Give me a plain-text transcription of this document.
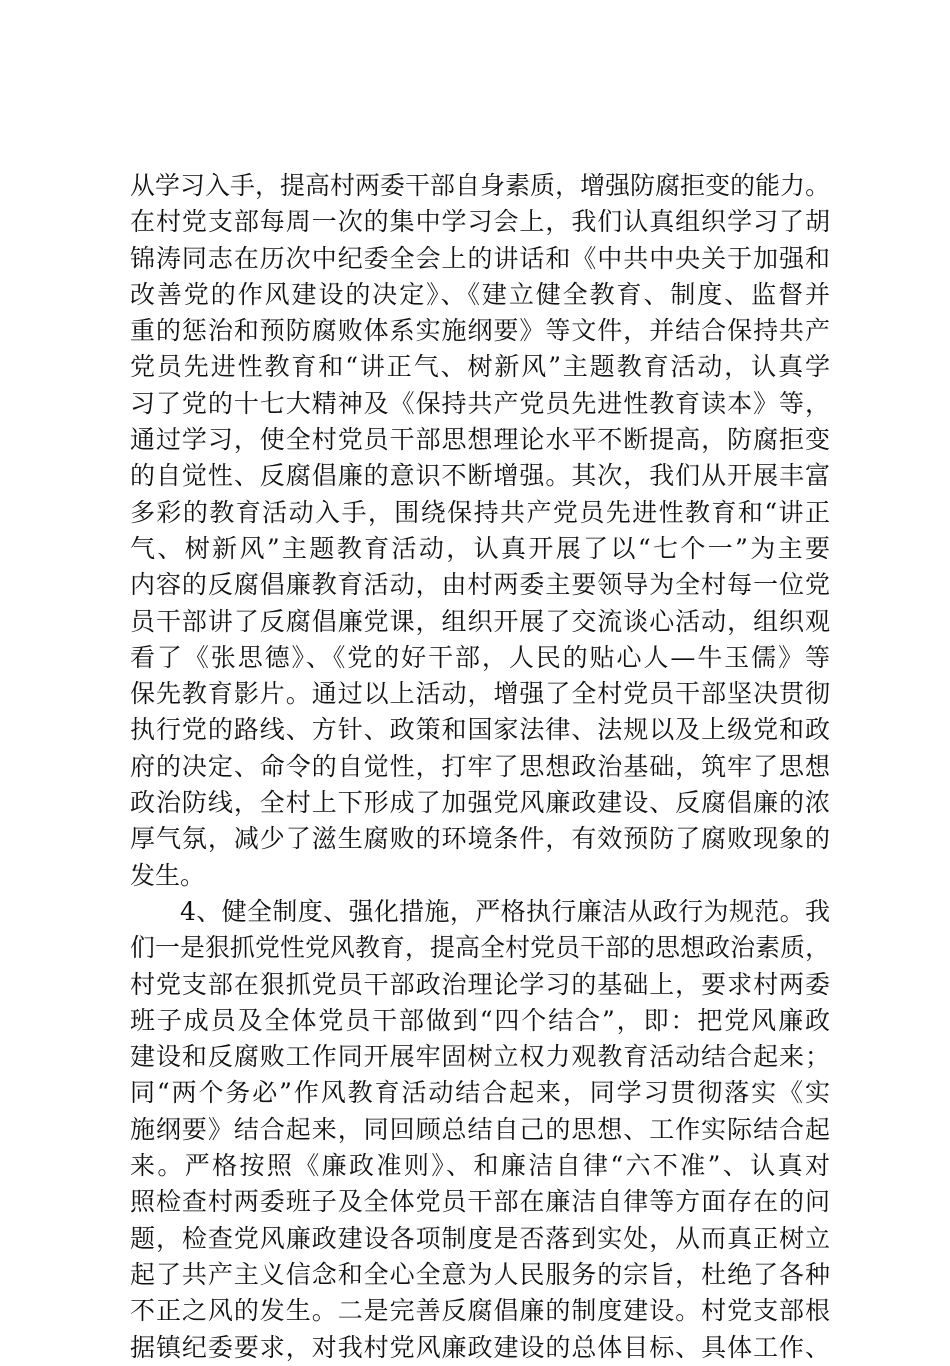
从学习入手，提高村两委干部自身素质，增强防腐拒变的能力。
在村党支部每周一次的集中学习会上，我们认真组织学习了胡
锦涛同志在历次中纪委全会上的讲话和《中共中央关于加强和
改善党的作风建设的决定》、《建立健全教育、制度、监督并
重的惩治和预防腐败体系实施纲要》等文件，并结合保持共产
党员先进性教育和“讲正气、树新风”主题教育活动，认真学
习了党的十七大精神及《保持共产党员先进性教育读本》等，
通过学习，使全村党员干部思想理论水平不断提高，防腐拒变
的自觉性、反腐倡廉的意识不断增强。其次，我们从开展丰富
多彩的教育活动入手，围绕保持共产党员先进性教育和“讲正
气、树新风”主题教育活动，认真开展了以“七个一”为主要
内容的反腐倡廉教育活动，由村两委主要领导为全村每一位党
员干部讲了反腐倡廉党课，组织开展了交流谈心活动，组织观
看了《张思德》、《党的好干部，人民的贴心人—牛玉儒》等
保先教育影片。通过以上活动，增强了全村党员干部坚决贯彻
执行党的路线、方针、政策和国家法律、法规以及上级党和政
府的决定、命令的自觉性，打牢了思想政治基础，筑牢了思想
政治防线，全村上下形成了加强党风廉政建设、反腐倡廉的浓
厚气氛，减少了滋生腐败的环境条件，有效预防了腐败现象的
发生。
4、健全制度、强化措施，严格执行廉洁从政行为规范。我
们一是狠抓党性党风教育，提高全村党员干部的思想政治素质，
村党支部在狠抓党员干部政治理论学习的基础上，要求村两委
班子成员及全体党员干部做到“四个结合”，即：把党风廉政
建设和反腐败工作同开展牢固树立权力观教育活动结合起来；
同“两个务必”作风教育活动结合起来，同学习贯彻落实《实
施纲要》结合起来，同回顾总结自己的思想、工作实际结合起
来。严格按照《廉政准则》、和廉洁自律“六不准”、认真对
照检查村两委班子及全体党员干部在廉洁自律等方面存在的问
题，检查党风廉政建设各项制度是否落到实处，从而真正树立
起了共产主义信念和全心全意为人民服务的宗旨，杜绝了各种
不正之风的发生。二是完善反腐倡廉的制度建设。村党支部根
据镇纪委要求，对我村党风廉政建设的总体目标、具体工作、
